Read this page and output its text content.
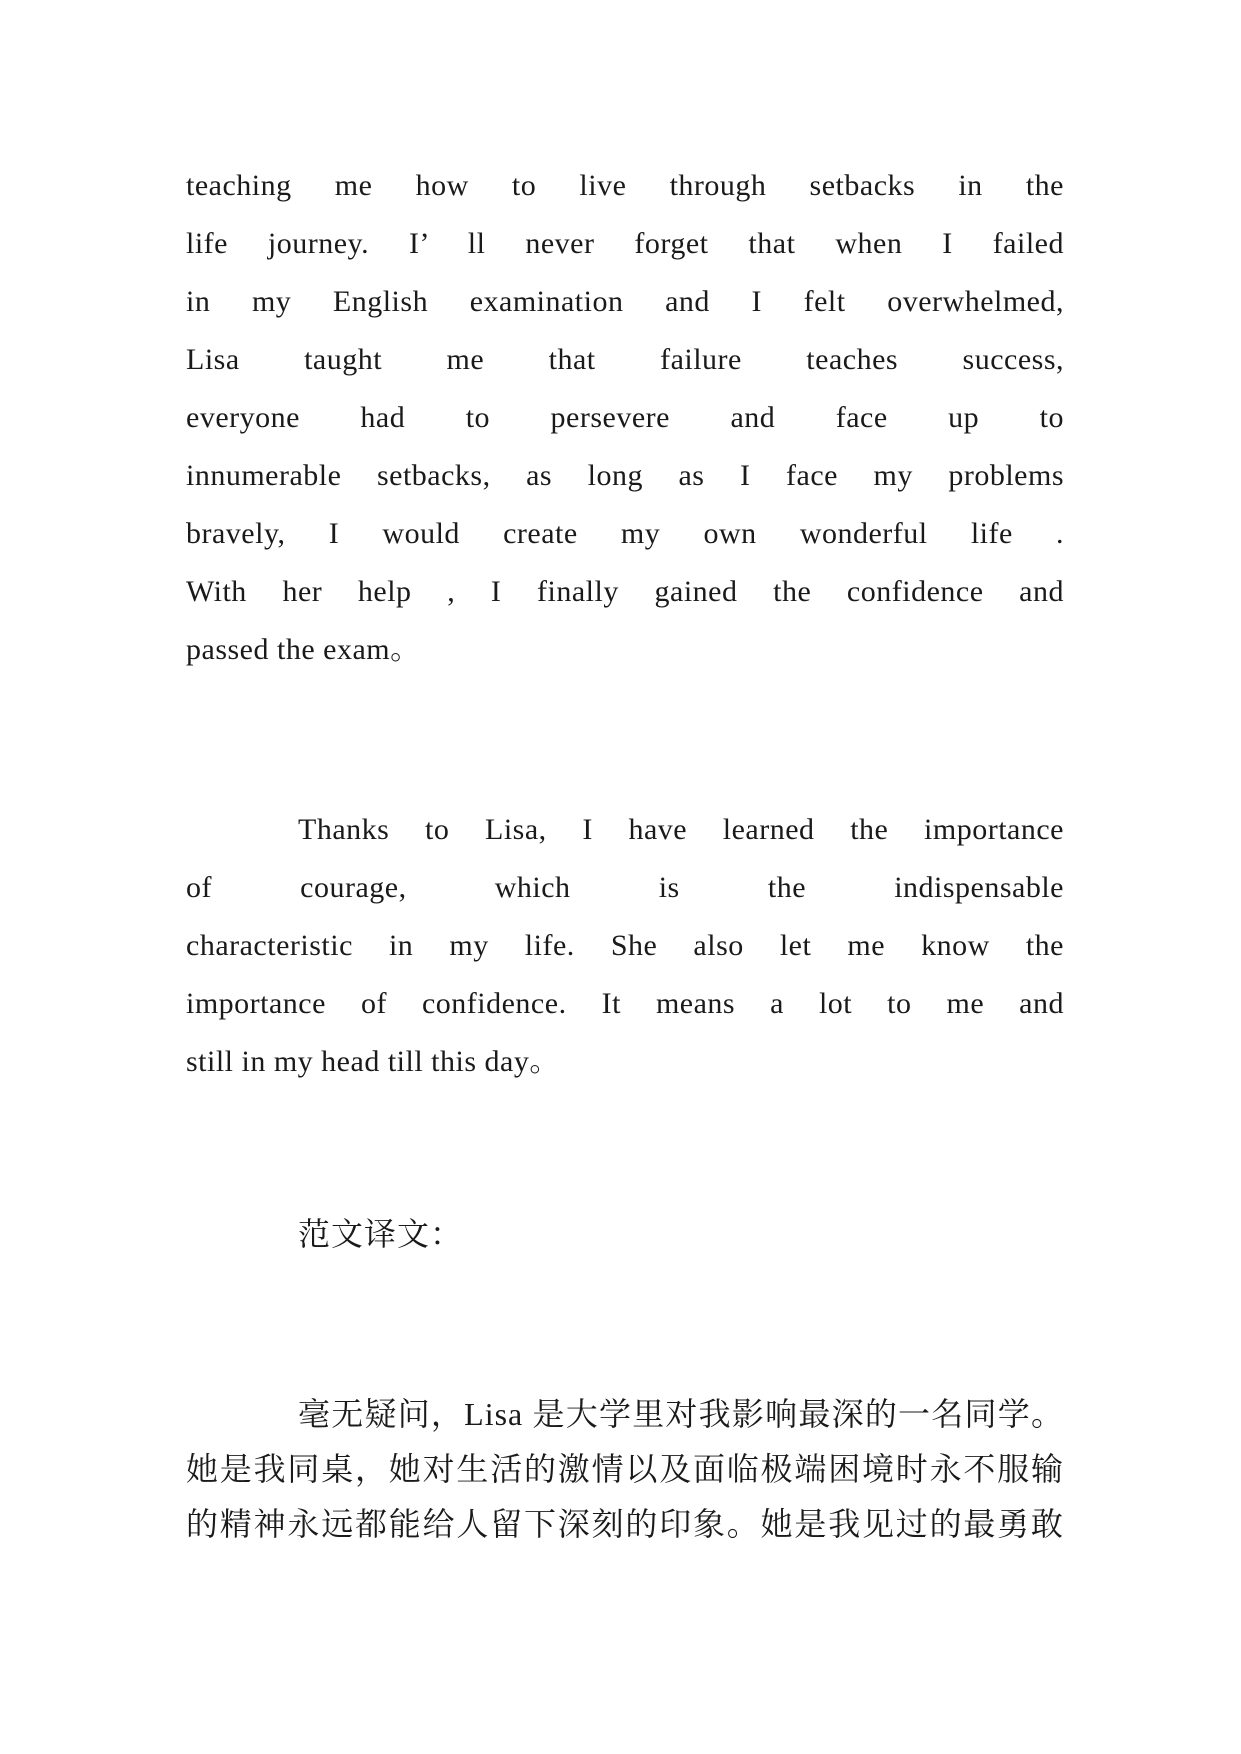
teaching me how to live through setbacks in the
life journey. I’ ll never forget that when I failed
in my English examination and I felt overwhelmed,
Lisa taught me that failure teaches success,
everyone had to persevere and face up to
innumerable setbacks, as long as I face my problems
bravely, I would create my own wonderful life .
With her help , I finally gained the confidence and
passed the exam。
Thanks to Lisa, I have learned the importance
of courage, which is the indispensable
characteristic in my life. She also let me know the
importance of confidence. It means a lot to me and
still in my head till this day。
范文译文：
毫无疑问，Lisa 是大学里对我影响最深的一名同学。
她是我同桌，她对生活的激情以及面临极端困境时永不服输
的精神永远都能给人留下深刻的印象。她是我见过的最勇敢
